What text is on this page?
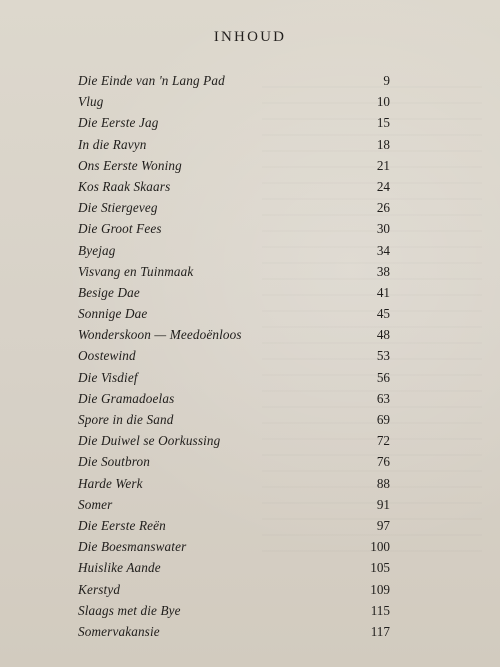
INHOUD
Die Einde van 'n Lang Pad	9
Vlug	10
Die Eerste Jag	15
In die Ravyn	18
Ons Eerste Woning	21
Kos Raak Skaars	24
Die Stiergeveg	26
Die Groot Fees	30
Byejag	34
Visvang en Tuinmaak	38
Besige Dae	41
Sonnige Dae	45
Wonderskoon — Meedoënloos	48
Oostewind	53
Die Visdief	56
Die Gramadoelas	63
Spore in die Sand	69
Die Duiwel se Oorkussing	72
Die Soutbron	76
Harde Werk	88
Somer	91
Die Eerste Reën	97
Die Boesmanswater	100
Huislike Aande	105
Kerstyd	109
Slaags met die Bye	115
Somervakansie	117
